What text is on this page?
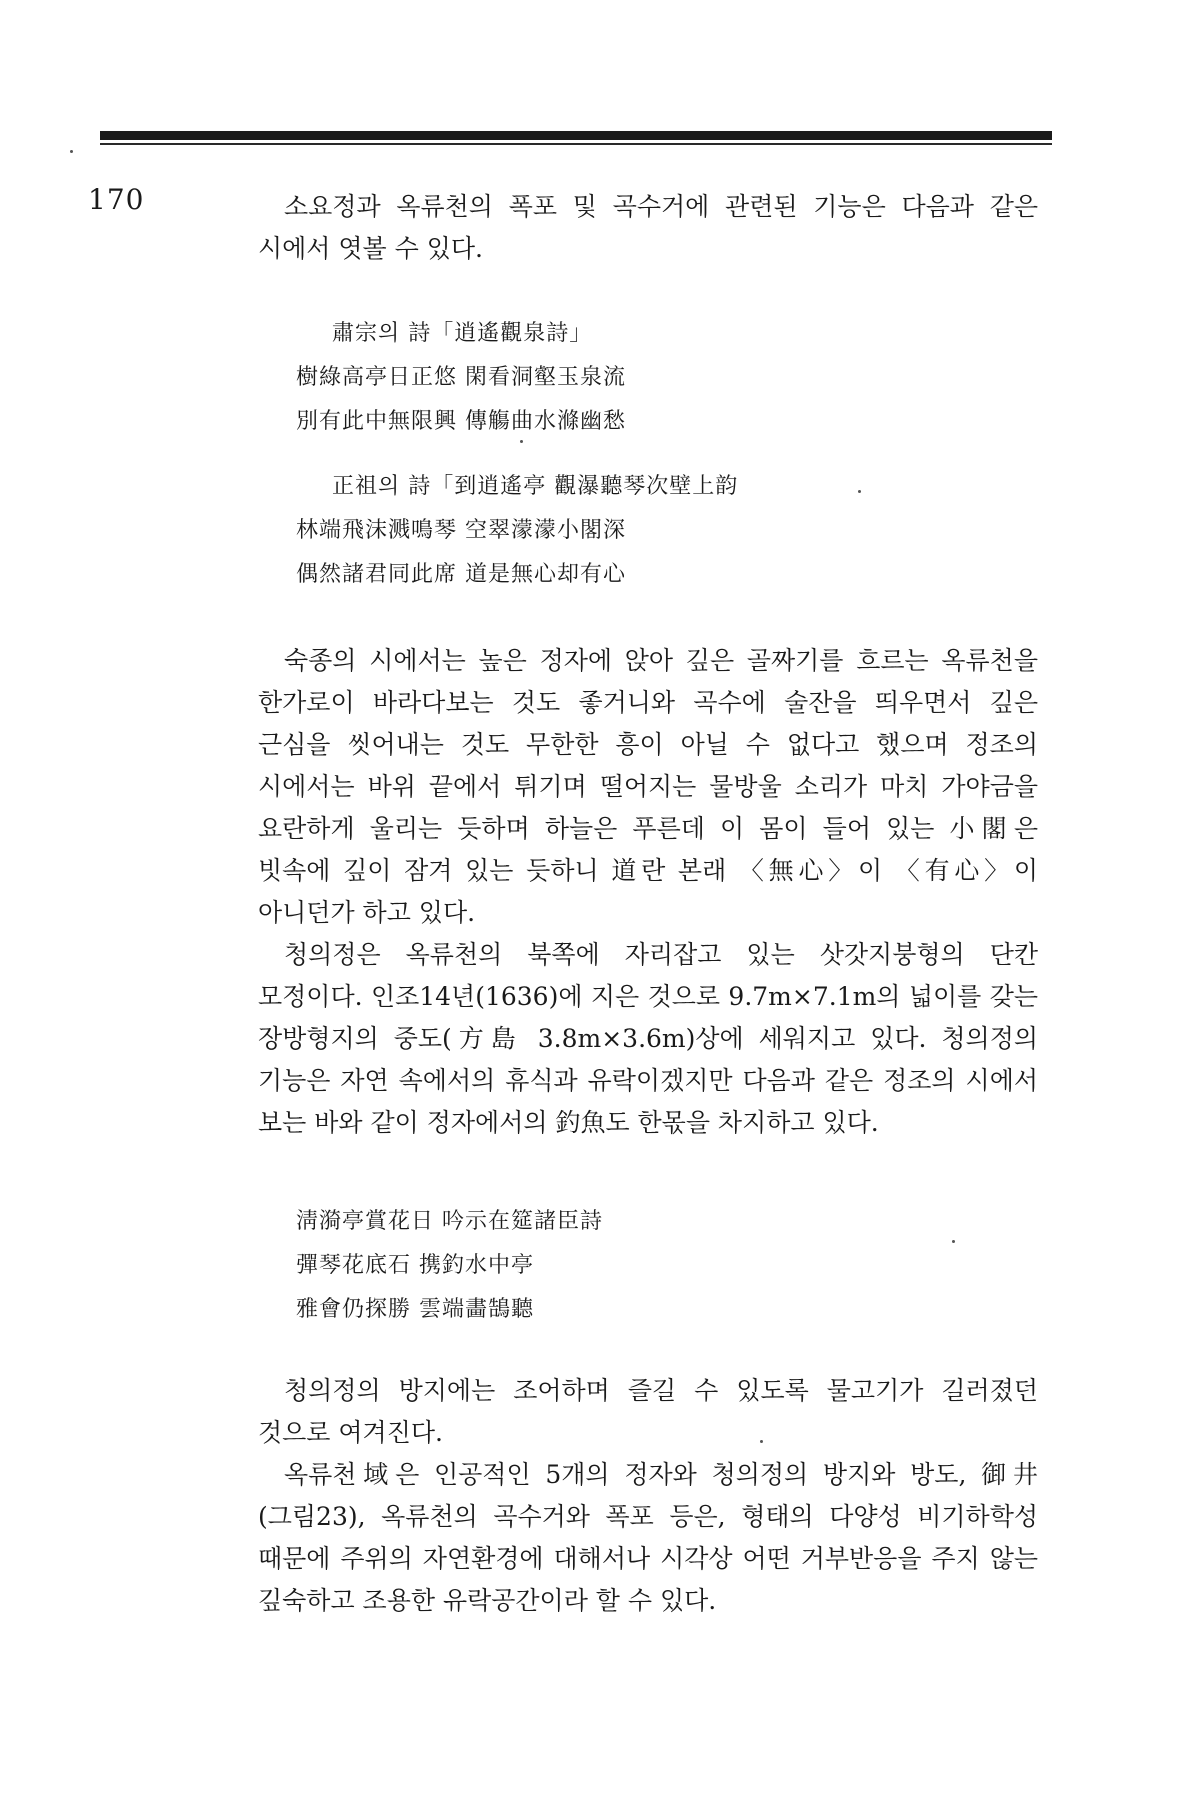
170	소요정과 옥류천의 폭포 및 곡수거에 관련된 기능은 다음과 같은 시에서 엿볼 수 있다.

肅宗의 詩「逍遙觀泉詩」
樹綠高亭日正悠 閑看洞壑玉泉流
別有此中無限興 傳觴曲水滌幽愁
正祖의 詩「到逍遙亭 觀瀑聽琴次壁上韵
林端飛沫溅鳴琴 空翠濛濛小閣深
偶然諸君同此席 道是無心却有心

숙종의 시에서는 높은 정자에 앉아 깊은 골짜기를 흐르는 옥류천을 한가로이 바라다보는 것도 좋거니와 곡수에 술잔을 띄우면서 깊은 근심을 씻어내는 것도 무한한 흥이 아닐 수 없다고 했으며 정조의 시에서는 바위 끝에서 튀기며 떨어지는 물방울 소리가 마치 가야금을 요란하게 울리는 듯하며 하늘은 푸른데 이 몸이 들어 있는 小閣은 빗속에 깊이 잠겨 있는 듯하니 道란 본래 〈無心〉이 〈有心〉이 아니던가 하고 있다.

청의정은 옥류천의 북쪽에 자리잡고 있는 삿갓지붕형의 단칸 모정이다. 인조14년(1636)에 지은 것으로 9.7m×7.1m의 넓이를 갖는 장방형지의 중도(方島 3.8m×3.6m)상에 세워지고 있다. 청의정의 기능은 자연 속에서의 휴식과 유락이겠지만 다음과 같은 정조의 시에서 보는 바와 같이 정자에서의 釣魚도 한몫을 차지하고 있다.

淸漪亭賞花日 吟示在筵諸臣詩
彈琴花底石 携釣水中亭
雅會仍探勝 雲端畵鵠聽

청의정의 방지에는 조어하며 즐길 수 있도록 물고기가 길러졌던 것으로 여겨진다.

옥류천域은 인공적인 5개의 정자와 청의정의 방지와 방도, 御井(그림23), 옥류천의 곡수거와 폭포 등은, 형태의 다양성 비기하학성 때문에 주위의 자연환경에 대해서나 시각상 어떤 거부반응을 주지 않는 깊숙하고 조용한 유락공간이라 할 수 있다.
